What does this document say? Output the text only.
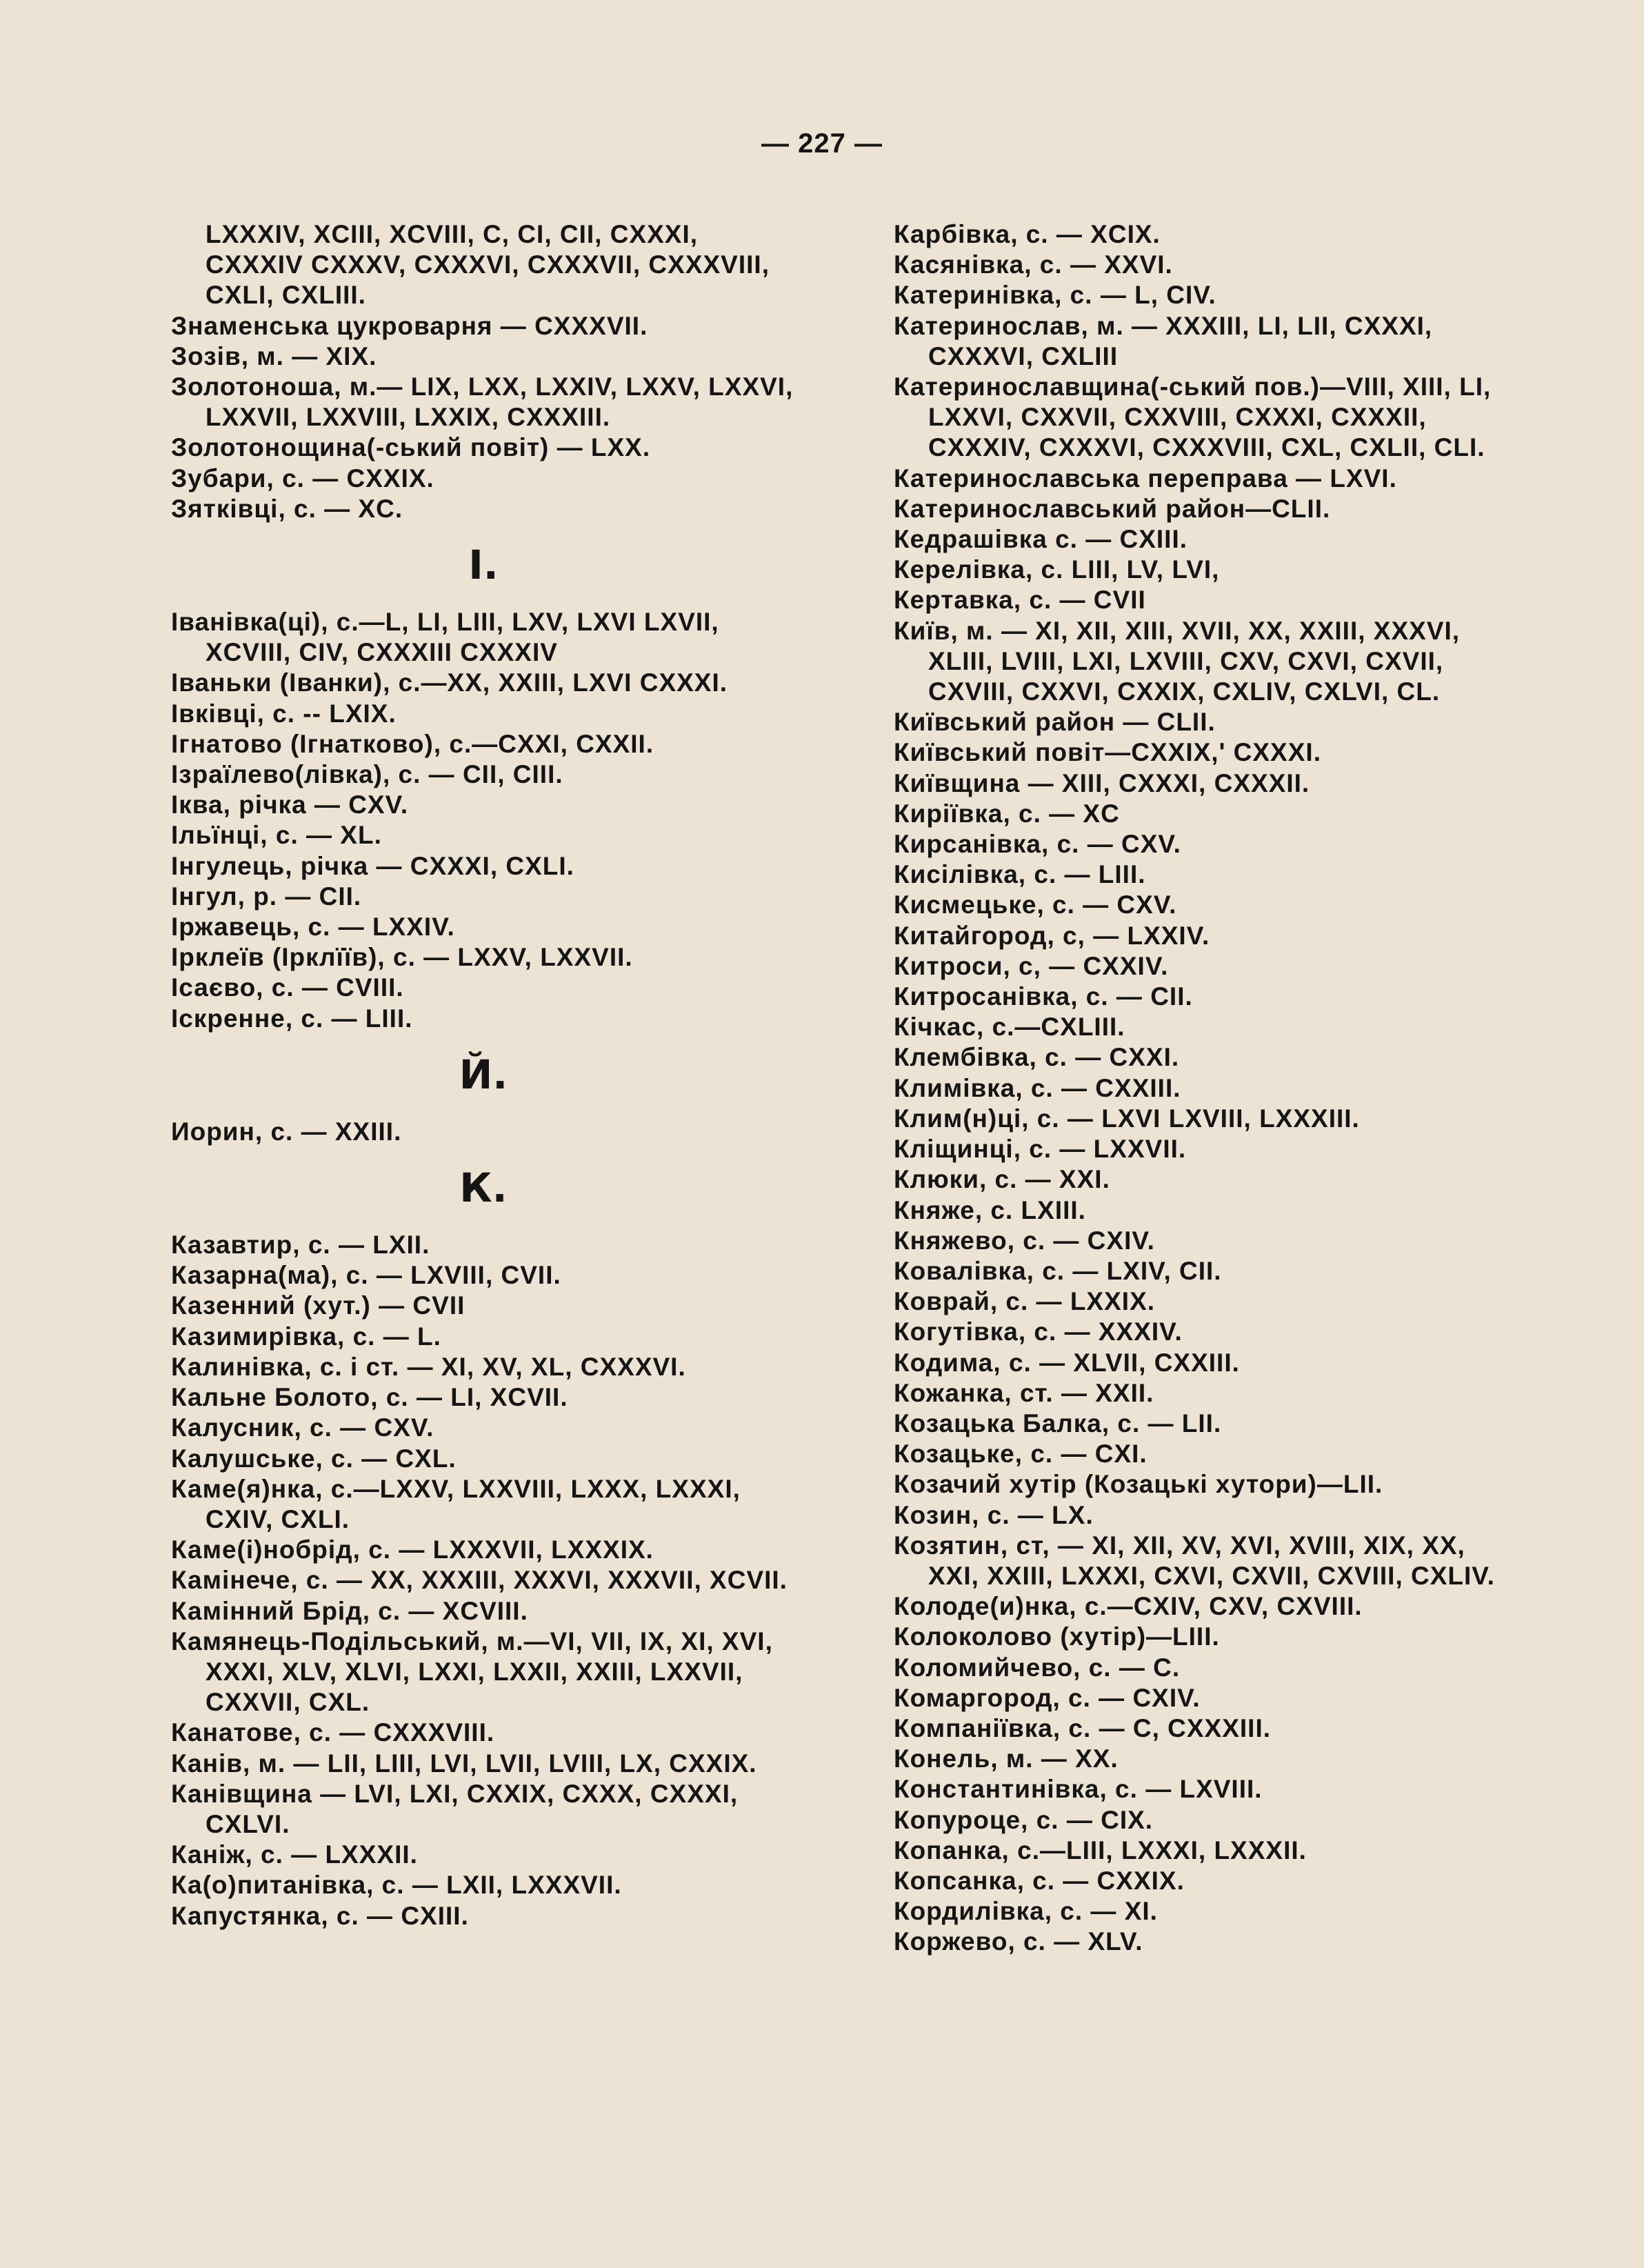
— 227 —
LXXXIV, XCIII, XCVIII, C, CI, CII, CXXXI, CXXXIV CXXXV, CXXXVI, CXXXVII, CXXXVIII, CXLI, CXLIII.
Знаменська цукроварня — CXXXVII.
Зозів, м. — XIX.
Золотоноша, м.— LIX, LXX, LXXIV, LXXV, LXXVI, LXXVII, LXXVIII, LXXIX, CXXXIII.
Золотонощина(-ський повіт) — LXX.
Зубари, с. — CXXIX.
Зятківці, с. — XC.
І.
Іванівка(ці), с.—L, LI, LIII, LXV, LXVI LXVII, XCVIII, CIV, CXXXIII CXXXIV
Іваньки (Іванки), с.—XX, XXIII, LXVI CXXXI.
Івківці, с. -- LXIX.
Ігнатово (Ігнатково), с.—CXXI, CXXII.
Ізраїлево(лівка), с. — CII, CIII.
Іква, річка — CXV.
Ільїнці, с. — XL.
Інгулець, річка — CXXXI, CXLI.
Інгул, р. — CII.
Іржавець, с. — LXXIV.
Ірклеїв (Ірклїїв), с. — LXXV, LXXVII.
Ісаєво, с. — CVIII.
Іскренне, с. — LIII.
Й.
Иорин, с. — XXIII.
К.
Казавтир, с. — LXII.
Казарна(ма), с. — LXVIII, CVII.
Казенний (хут.) — CVII
Казимирівка, с. — L.
Калинівка, с. і ст. — XI, XV, XL, CXXXVI.
Кальне Болото, с. — LI, XCVII.
Калусник, с. — CXV.
Калушське, с. — CXL.
Каме(я)нка, с.—LXXV, LXXVIII, LXXX, LXXXI, CXIV, CXLI.
Каме(і)нобрід, с. — LXXXVII, LXXXIX.
Камінече, с. — XX, XXXIII, XXXVI, XXXVII, XCVII.
Камінний Брід, с. — XCVIII.
Камянець-Подільський, м.—VI, VII, IX, XI, XVI, XXXI, XLV, XLVI, LXXI, LXXII, XXIII, LXXVII, CXXVII, CXL.
Канатове, с. — CXXXVIII.
Канів, м. — LII, LIII, LVI, LVII, LVIII, LX, CXXIX.
Канівщина — LVI, LXI, CXXIX, CXXX, CXXXI, CXLVI.
Каніж, с. — LXXXII.
Ка(о)питанівка, с. — LXII, LXXXVII.
Капустянка, с. — CXIII.
Карбівка, с. — XCIX.
Касянівка, с. — XXVI.
Катеринівка, с. — L, CIV.
Катеринослав, м. — XXXIII, LI, LII, CXXXI, CXXXVI, CXLIII
Катеринославщина(-ський пов.)—VIII, XIII, LI, LXXVI, CXXVII, CXXVIII, CXXXI, CXXXII, CXXXIV, CXXXVI, CXXXVIII, CXL, CXLII, CLI.
Катеринославська переправа — LXVI.
Катеринославський район—CLII.
Кедрашівка с. — CXIII.
Керелівка, с. LIII, LV, LVI,
Кертавка, с. — CVII
Київ, м. — XI, XII, XIII, XVII, XX, XXIII, XXXVI, XLIII, LVIII, LXI, LXVIII, CXV, CXVI, CXVII, CXVIII, CXXVI, CXXIX, CXLIV, CXLVI, CL.
Київський район — CLII.
Київський повіт—CXXIX,' CXXXI.
Київщина — XIII, CXXXI, CXXXII.
Кирiївка, с. — XC
Кирсанівка, с. — CXV.
Кисілівка, с. — LIII.
Кисмецьке, с. — CXV.
Китайгород, с, — LXXIV.
Китроси, с, — CXXIV.
Китросанівка, с. — CII.
Кічкас, с.—CXLIII.
Клембівка, с. — CXXI.
Климівка, с. — CXXIII.
Клим(н)ці, с. — LXVI LXVIII, LXXXIII.
Кліщинці, с. — LXXVII.
Клюки, с. — XXI.
Княже, с. LXIII.
Княжево, с. — CXIV.
Ковалівка, с. — LXIV, CII.
Коврай, с. — LXXIX.
Когутівка, с. — XXXIV.
Кодима, с. — XLVII, CXXIII.
Кожанка, ст. — XXII.
Козацька Балка, с. — LII.
Козацьке, с. — CXI.
Козачий хутір (Козацькі хутори)—LII.
Козин, с. — LX.
Козятин, ст, — XI, XII, XV, XVI, XVIII, XIX, XX, XXI, XXIII, LXXXI, CXVI, CXVII, CXVIII, CXLIV.
Колоде(и)нка, с.—CXIV, CXV, CXVIII.
Колоколово (хутір)—LIII.
Коломийчево, с. — C.
Комаргород, с. — CXIV.
Компаніївка, с. — C, CXXXIII.
Конель, м. — XX.
Константинівка, с. — LXVIII.
Копуроце, с. — CIX.
Копанка, с.—LIII, LXXXI, LXXXII.
Копсанка, с. — CXXIX.
Кордилівка, с. — XI.
Коржево, с. — XLV.
